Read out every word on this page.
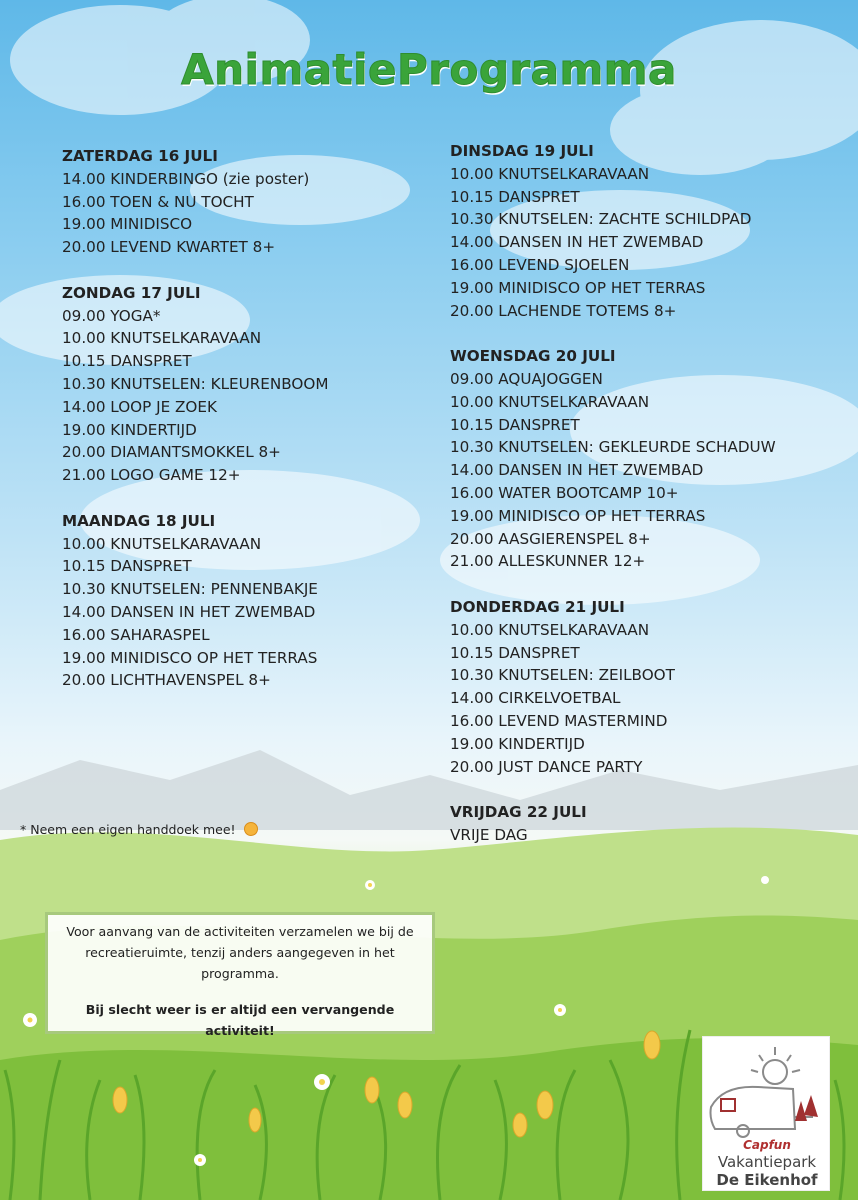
AnimatieProgramma
ZATERDAG 16 JULI
14.00 KINDERBINGO (zie poster)
16.00 TOEN & NU TOCHT
19.00 MINIDISCO
20.00 LEVEND KWARTET 8+
ZONDAG 17 JULI
09.00 YOGA*
10.00 KNUTSELKARAVAAN
10.15 DANSPRET
10.30 KNUTSELEN: KLEURENBOOM
14.00 LOOP JE ZOEK
19.00 KINDERTIJD
20.00 DIAMANTSMOKKEL 8+
21.00 LOGO GAME 12+
MAANDAG 18 JULI
10.00 KNUTSELKARAVAAN
10.15 DANSPRET
10.30 KNUTSELEN: PENNENBAKJE
14.00 DANSEN IN HET ZWEMBAD
16.00 SAHARASPEL
19.00 MINIDISCO OP HET TERRAS
20.00 LICHTHAVENSPEL 8+
DINSDAG 19 JULI
10.00 KNUTSELKARAVAAN
10.15 DANSPRET
10.30 KNUTSELEN: ZACHTE SCHILDPAD
14.00 DANSEN IN HET ZWEMBAD
16.00 LEVEND SJOELEN
19.00 MINIDISCO OP HET TERRAS
20.00 LACHENDE TOTEMS 8+
WOENSDAG 20 JULI
09.00 AQUAJOGGEN
10.00 KNUTSELKARAVAAN
10.15 DANSPRET
10.30 KNUTSELEN: GEKLEURDE SCHADUW
14.00 DANSEN IN HET ZWEMBAD
16.00 WATER BOOTCAMP 10+
19.00 MINIDISCO OP HET TERRAS
20.00 AASGIERENSPEL 8+
21.00 ALLESKUNNER 12+
DONDERDAG 21 JULI
10.00 KNUTSELKARAVAAN
10.15 DANSPRET
10.30 KNUTSELEN: ZEILBOOT
14.00 CIRKELVOETBAL
16.00 LEVEND MASTERMIND
19.00 KINDERTIJD
20.00 JUST DANCE PARTY
VRIJDAG 22 JULI
VRIJE DAG
* Neem een eigen handdoek mee!

Voor aanvang van de activiteiten verzamelen we bij de recreatieruimte, tenzij anders aangegeven in het programma.

Bij slecht weer is er altijd een vervangende activiteit!

Capfun
Vakantiepark
De Eikenhof
